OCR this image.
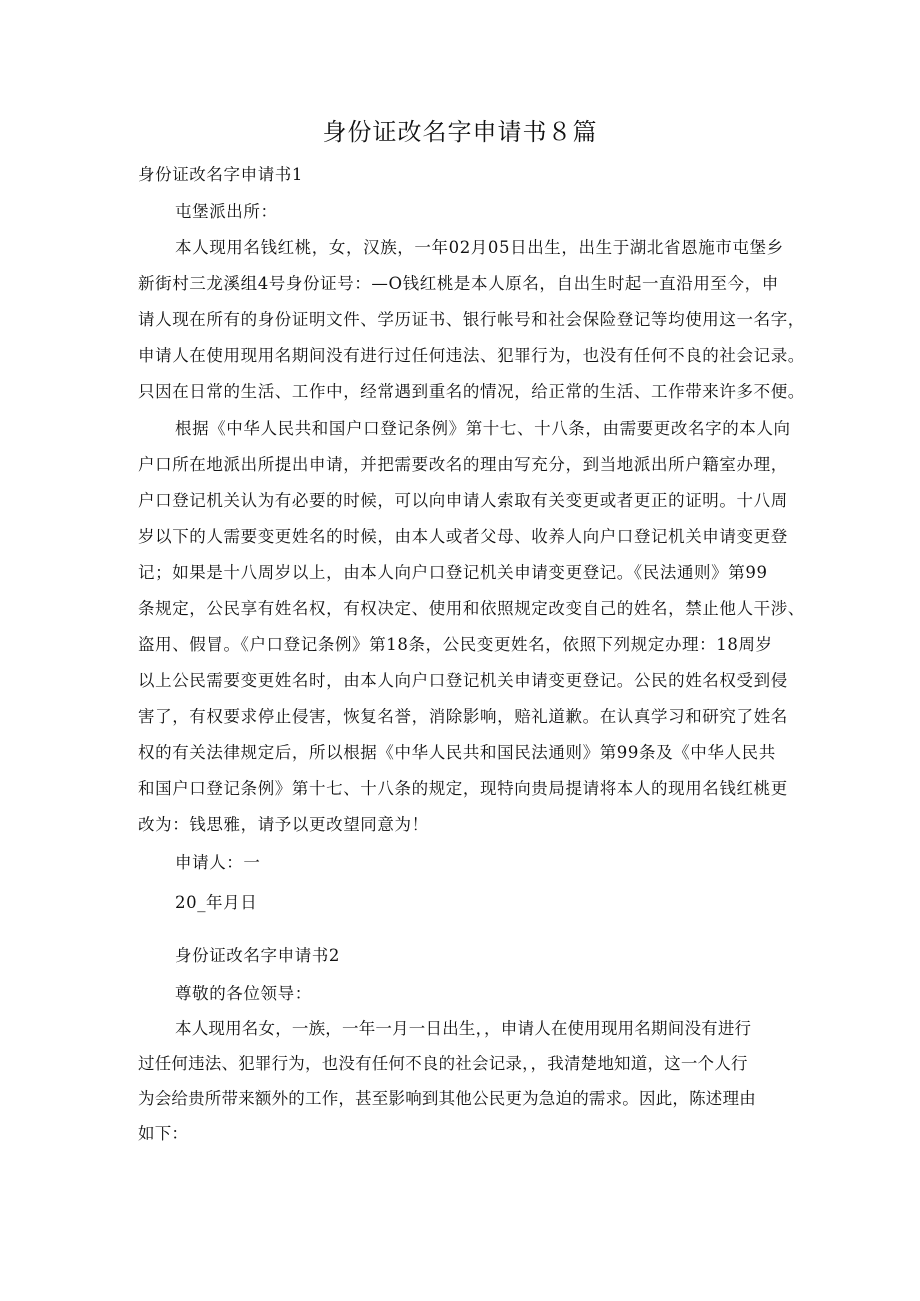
身份证改名字申请书８篇
身份证改名字申请书1
屯堡派出所：
本人现用名钱红桃，女，汉族，一年02月05日出生，出生于湖北省恩施市屯堡乡
新街村三龙溪组4号身份证号：—O钱红桃是本人原名，自出生时起一直沿用至今，申
请人现在所有的身份证明文件、学历证书、银行帐号和社会保险登记等均使用这一名字，
申请人在使用现用名期间没有进行过任何违法、犯罪行为，也没有任何不良的社会记录。
只因在日常的生活、工作中，经常遇到重名的情况，给正常的生活、工作带来许多不便。
根据《中华人民共和国户口登记条例》第十七、十八条，由需要更改名字的本人向
户口所在地派出所提出申请，并把需要改名的理由写充分，到当地派出所户籍室办理，
户口登记机关认为有必要的时候，可以向申请人索取有关变更或者更正的证明。十八周
岁以下的人需要变更姓名的时候，由本人或者父母、收养人向户口登记机关申请变更登
记；如果是十八周岁以上，由本人向户口登记机关申请变更登记。《民法通则》第99
条规定，公民享有姓名权，有权决定、使用和依照规定改变自己的姓名，禁止他人干涉、
盗用、假冒。《户口登记条例》第18条，公民变更姓名，依照下列规定办理：18周岁
以上公民需要变更姓名时，由本人向户口登记机关申请变更登记。公民的姓名权受到侵
害了，有权要求停止侵害，恢复名誉，消除影响，赔礼道歉。在认真学习和研究了姓名
权的有关法律规定后，所以根据《中华人民共和国民法通则》第99条及《中华人民共
和国户口登记条例》第十七、十八条的规定，现特向贵局提请将本人的现用名钱红桃更
改为：钱思雅，请予以更改望同意为！
申请人：一
20_年月日
身份证改名字申请书2
尊敬的各位领导：
本人现用名女，一族，一年一月一日出生，，申请人在使用现用名期间没有进行
过任何违法、犯罪行为，也没有任何不良的社会记录，，我清楚地知道，这一个人行
为会给贵所带来额外的工作，甚至影响到其他公民更为急迫的需求。因此，陈述理由
如下：
